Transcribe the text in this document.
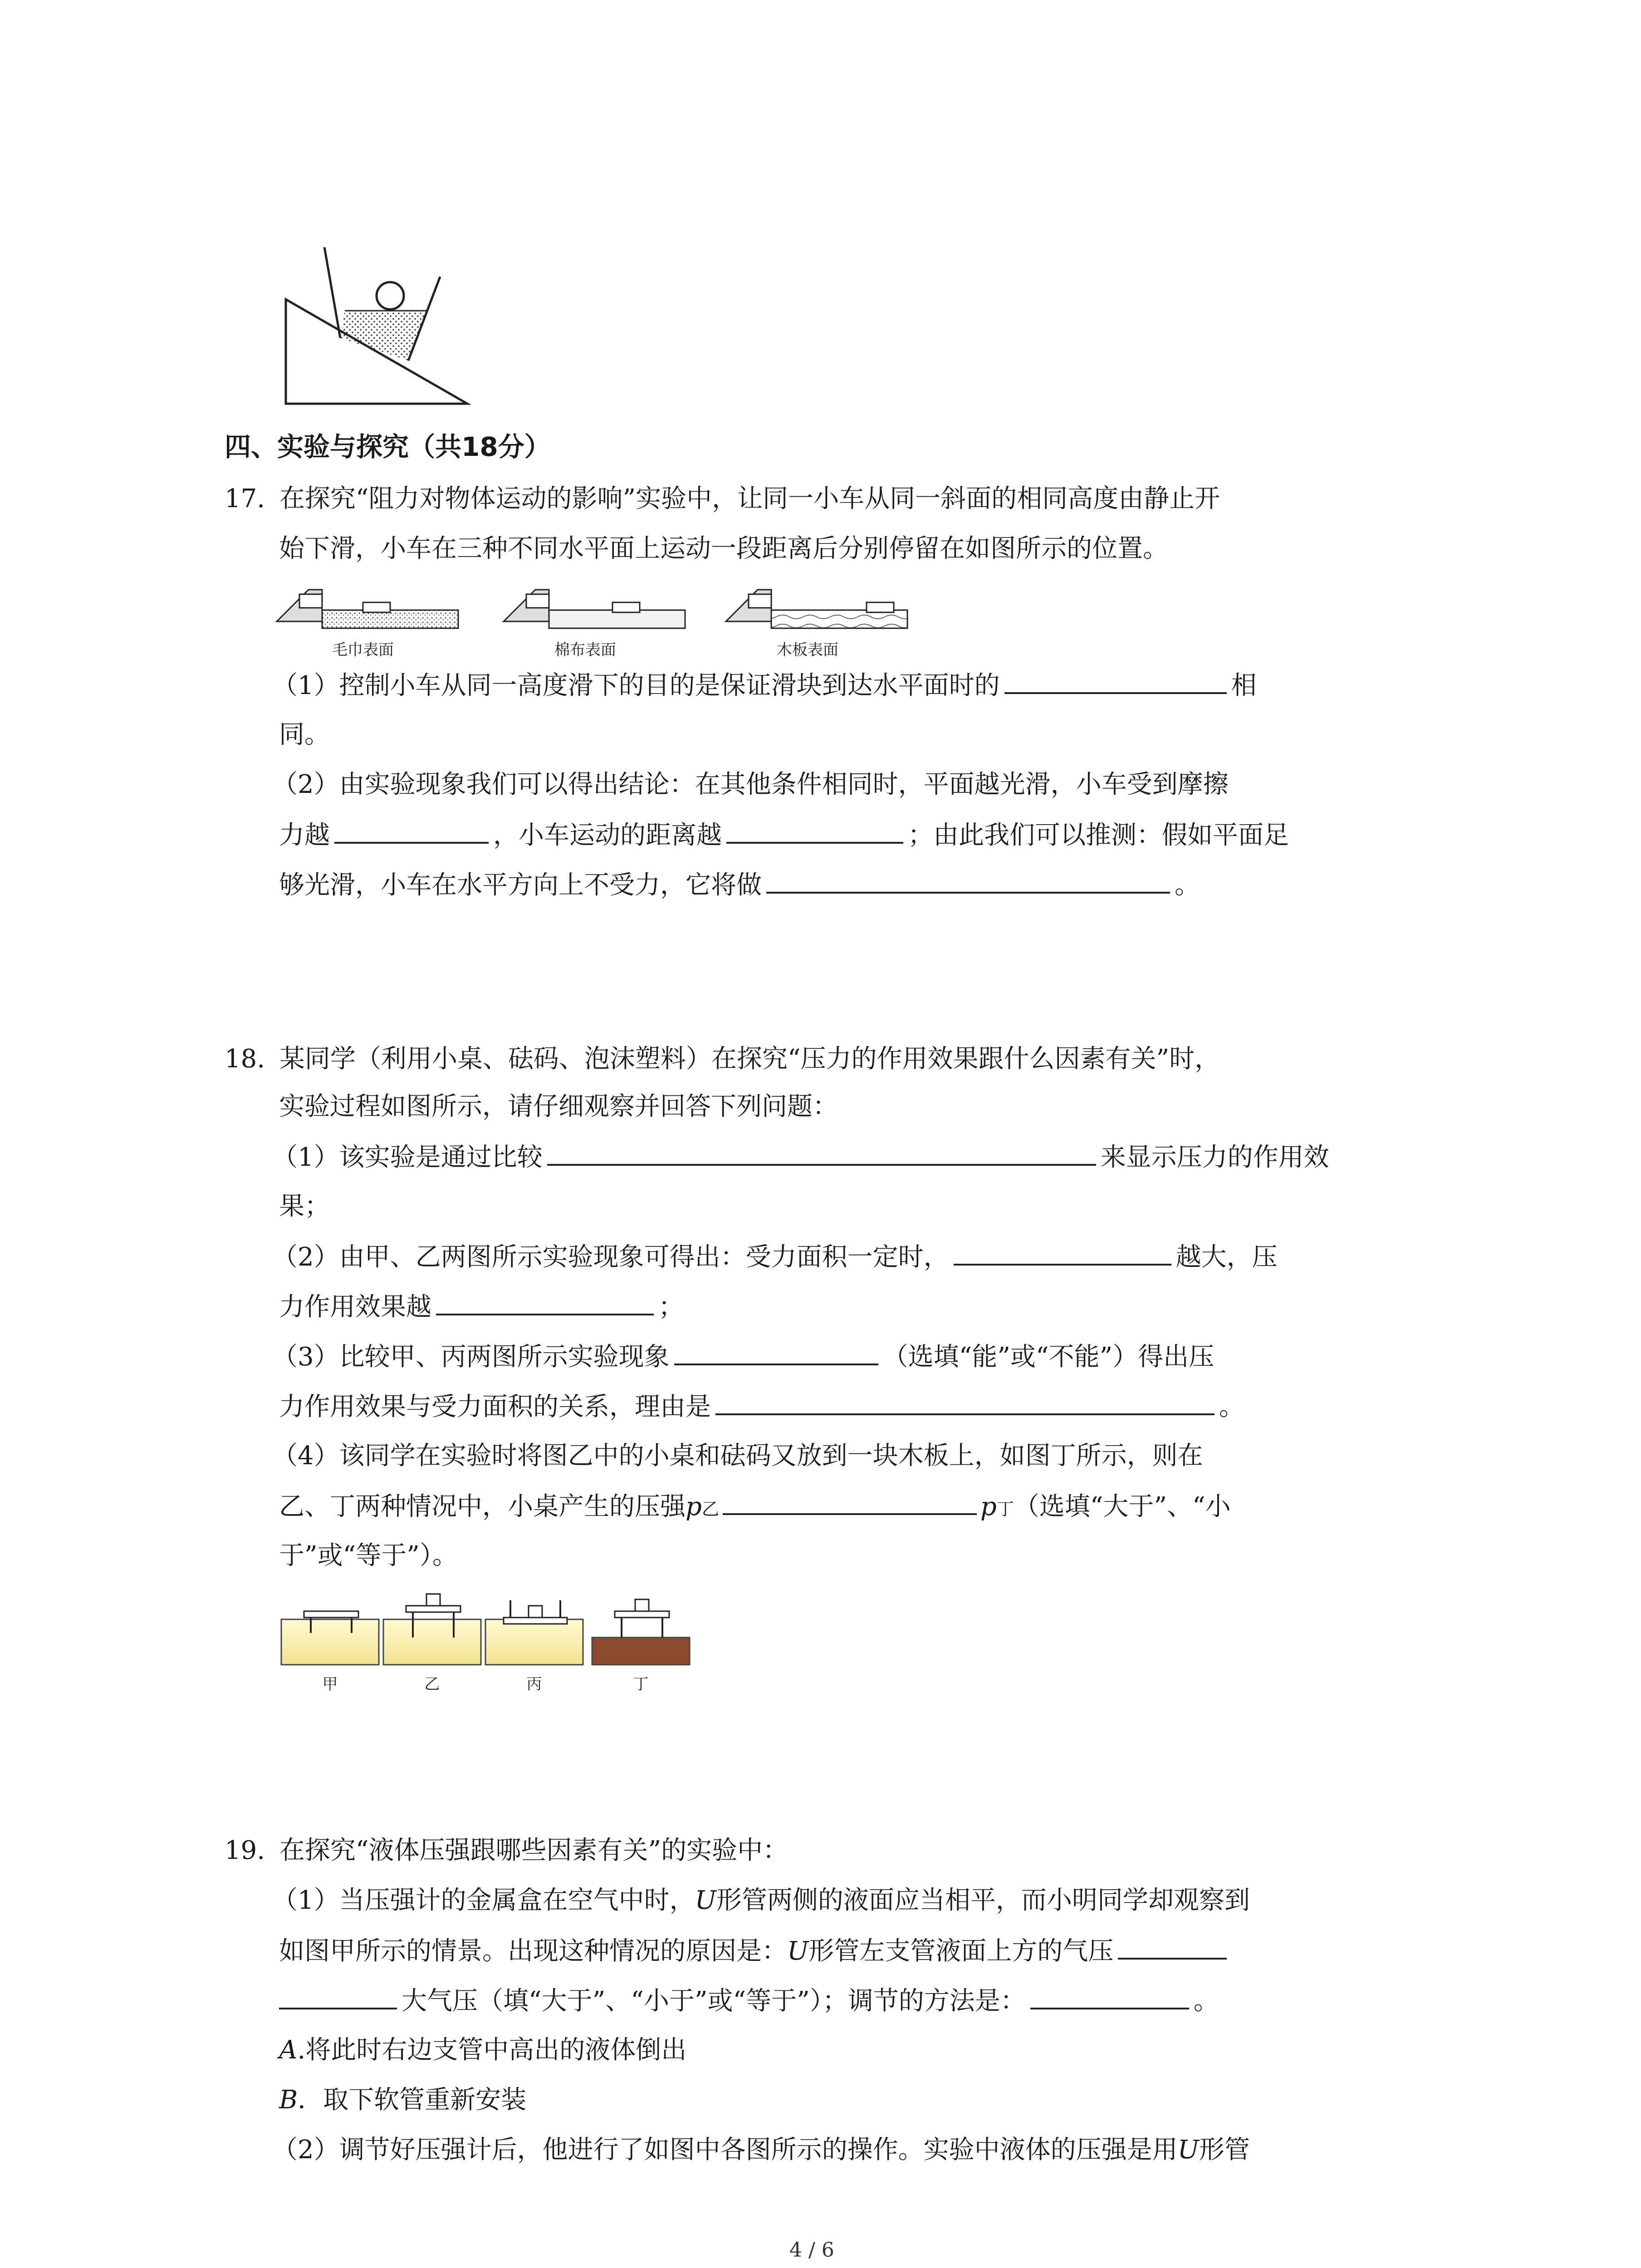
四、实验与探究（共18分）
17. 在探究“阻力对物体运动的影响”实验中，让同一小车从同一斜面的相同高度由静止开
始下滑，小车在三种不同水平面上运动一段距离后分别停留在如图所示的位置。
毛巾表面	棉布表面	木板表面
（1）控制小车从同一高度滑下的目的是保证滑块到达水平面时的	相
同。
（2）由实验现象我们可以得出结论：在其他条件相同时，平面越光滑，小车受到摩擦
力越	，小车运动的距离越	；由此我们可以推测：假如平面足
够光滑，小车在水平方向上不受力，它将做	。
18. 某同学（利用小桌、砝码、泡沫塑料）在探究“压力的作用效果跟什么因素有关”时，
实验过程如图所示，请仔细观察并回答下列问题：
（1）该实验是通过比较	来显示压力的作用效
果；
（2）由甲、乙两图所示实验现象可得出：受力面积一定时，	越大，压
力作用效果越	；
（3）比较甲、丙两图所示实验现象	（选填“能”或“不能”）得出压
力作用效果与受力面积的关系，理由是	。
（4）该同学在实验时将图乙中的小桌和砝码又放到一块木板上，如图丁所示，则在
乙、丁两种情况中，小桌产生的压强p乙	p丁（选填“大于”、“小
于”或“等于”）。
甲	乙	丙	丁
19. 在探究“液体压强跟哪些因素有关”的实验中：
（1）当压强计的金属盒在空气中时，U形管两侧的液面应当相平，而小明同学却观察到
如图甲所示的情景。出现这种情况的原因是：U形管左支管液面上方的气压
大气压（填“大于”、“小于”或“等于”）；调节的方法是：	。
A.将此时右边支管中高出的液体倒出
B．取下软管重新安装
（2）调节好压强计后，他进行了如图中各图所示的操作。实验中液体的压强是用U形管
4 / 6
